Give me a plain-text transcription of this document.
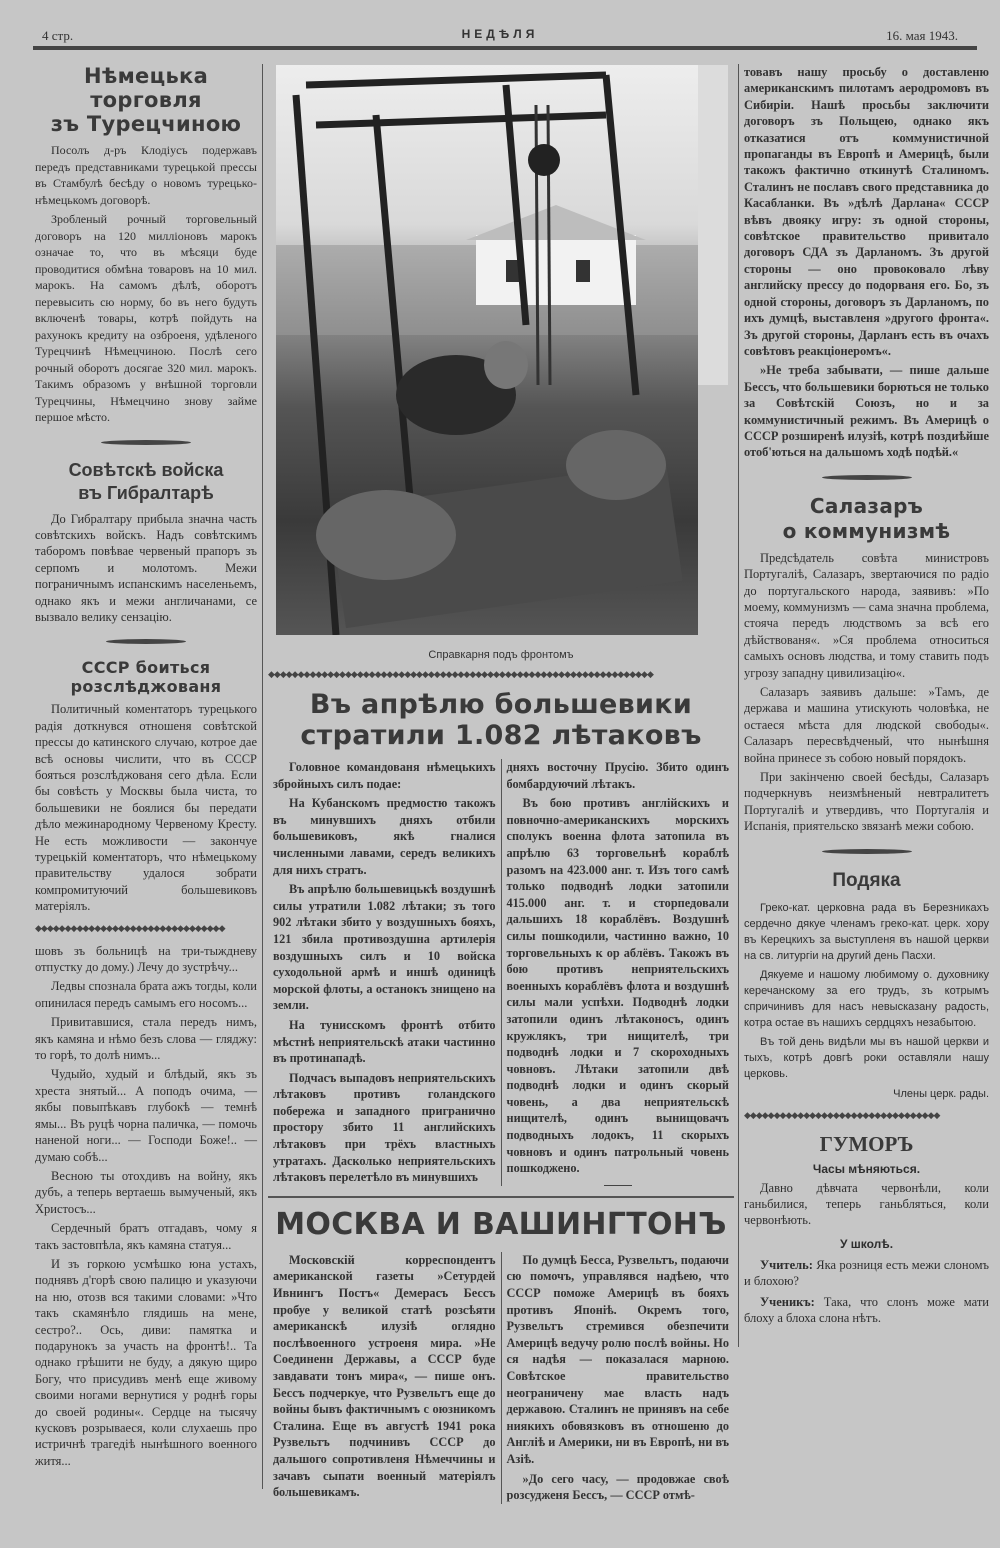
4 стр.	НЕДѢЛЯ	16. мая 1943.
Нѣмецька
торговля
зъ Турецчиною

Посолъ д-ръ Клодіусъ подержавъ передъ представниками турецькой прессы въ Стамбулѣ бесѣду о новомъ турецько-нѣмецькомъ договорѣ.

Зробленый рочный торговельный договоръ на 120 милліоновъ марокъ означае то, что въ мѣсяци буде проводитися обмѣна товаровъ на 10 мил. марокъ. На самомъ дѣлѣ, оборотъ перевысить сю норму, бо въ него будуть включенѣ товары, котрѣ пойдуть на рахунокъ кредиту на озброеня, удѣленого Турецчинѣ Нѣмецчиною. Послѣ сего рочный оборотъ досягае 320 мил. марокъ. Такимъ образомъ у внѣшной торговли Турецчины, Нѣмецчино знову займе першое мѣсто.

Совѣтскѣ войска
въ Гибралтарѣ

До Гибралтару прибыла значна часть совѣтскихъ войскъ. Надъ совѣтскимъ таборомъ повѣвае червеный прапоръ зъ серпомъ и молотомъ. Межи пограничнымъ испанскимъ населеньемъ, однако якъ и межи англичанами, се вызвало велику сензацію.

СССР боиться
розслѣджованя

Политичный коментаторъ турецького радія доткнувся отношеня совѣтской прессы до катинского случаю, котрое дае всѣ основы числити, что въ СССР бояться розслѣджованя сего дѣла. Если бы совѣсть у Москвы была чиста, то большевики не боялися бы передати дѣло межинародному Червеному Кресту. Не есть можливости — закончуе турецькій коментаторъ, что нѣмецькому правительству удалося зобрати компромитуючий большевиковъ матеріялъ.

◆◆◆◆◆◆◆◆◆◆◆◆◆◆◆◆◆◆◆◆◆◆◆◆◆◆◆◆◆◆◆◆

шовъ зъ больницѣ на три-тыждневу отпустку до дому.) Лечу до зустрѣчу...

Ледвы спознала брата ажъ тогды, коли опинилася передъ самымъ его носомъ...

Привитавшися, стала передъ нимъ, якъ камяна и нѣмо безъ слова — гляджу: то горѣ, то долѣ нимъ...

Чудыйо, худый и блѣдый, якъ зъ хреста знятый... А поподъ очима, — якбы повыпѣкавъ глубокѣ — темнѣ ямы... Въ руцѣ чорна паличка, — помочь наненой ноги... — Господи Боже!.. — думаю собѣ...

Весною ты отохдивъ на войну, якъ дубъ, а теперь вертаешь вымученый, якъ Христосъ...

Сердечный братъ отгадавъ, чому я такъ застовпѣла, якъ камяна статуя...

И зъ горкою усмѣшко юна устахъ, поднявъ д'горѣ свою палицю и указуючи на ню, отозв вся такими словами: »Что такъ скамянѣло глядишь на мене, сестро?.. Ось, диви: памятка и подарунокъ за участь на фронтѣ!.. Та однако грѣшити не буду, а дякую щиро Богу, что присудивъ менѣ еще живому своими ногами вернутися у роднѣ горы до своей родины«. Сердце на тысячу кусковъ розрываеся, коли слухаешь про истричнѣ трагедіѣ нынѣшного военного житя...

Справкарня подъ фронтомъ
◆◆◆◆◆◆◆◆◆◆◆◆◆◆◆◆◆◆◆◆◆◆◆◆◆◆◆◆◆◆◆◆◆◆◆◆◆◆◆◆◆◆◆◆◆◆◆◆◆◆◆◆◆◆◆◆◆◆◆◆◆◆◆◆◆
Въ апрѣлю большевики
стратили 1.082 лѣтаковъ

Головное командованя нѣмецькихъ збройныхъ силъ подае:

На Кубанскомъ предмостю такожъ въ минувшихъ дняхъ отбили большевиковъ, якѣ гналися численными лавами, середъ великихъ для нихъ стратъ.

Въ апрѣлю большевицькѣ воздушнѣ силы утратили 1.082 лѣтаки; зъ того 902 лѣтаки збито у воздушныхъ бояхъ, 121 збила противоздушна артилерія воздушныхъ силъ и 10 войска суходольной армѣ и иншѣ одиницѣ морской флоты, а останокъ знищено на земли.

На тунисскомъ фронтѣ отбито мѣстнѣ неприятельскѣ атаки частинно въ протинападѣ.

Подчасъ выпадовъ неприятельскихъ лѣтаковъ противъ голандского побережа и западного пригранично простору збито 11 английскихъ лѣтаковъ при трёхъ властныхъ утратахъ. Дасколько неприятельскихъ лѣтаковъ перелетѣло въ минувшихъ

дняхъ восточну Прусію. Збито одинъ бомбардуючий лѣтакъ.

Въ бою противъ англійскихъ и повночно-американскихъ морскихъ сполукъ военна флота затопила въ апрѣлю 63 торговельнѣ кораблѣ разомъ на 423.000 анг. т. Изъ того самѣ только подводнѣ лодки затопили 415.000 анг. т. и сторпедовали дальшихъ 18 кораблёвъ. Воздушнѣ силы пошкодили, частинно важно, 10 торговельныхъ к ор аблёвъ. Такожъ въ бою противъ неприятельскихъ военныхъ кораблёвъ флота и воздушнѣ силы мали успѣхи. Подводнѣ лодки затопили одинъ лѣтаконосъ, одинъ кружлякъ, три нищителѣ, три подводнѣ лодки и 7 скороходныхъ човновъ. Лѣтаки затопили двѣ подводнѣ лодки и одинъ скорый човень, а два неприятельскѣ нищителѣ, одинъ вынищовачъ подводныхъ лодокъ, 11 скорыхъ човновъ и одинъ патрольный човень пошкоджено.

МОСКВА И ВАШИНГТОНЪ

Московскій корреспондентъ американской газеты »Сетурдей Ивнингъ Постъ« Демерасъ Бессъ пробуе у великой статѣ розсѣяти американскѣ илузіѣ оглядно послѣвоенного устроеня мира. »Не Соединенн Державы, а СССР буде завдавати тонъ мира«, — пише онъ. Бессъ подчеркуе, что Рузвельтъ еще до войны бывъ фактичнымъ с оюзникомъ Сталина. Еще въ августѣ 1941 рока Рузвельтъ подчинивъ СССР до дальшого сопротивленя Нѣмеччины и зачавъ сыпати военный матеріялъ большевикамъ.

По думцѣ Бесса, Рузвельтъ, подаючи сю помочъ, управлявся надѣею, что СССР поможе Америцѣ въ бояхъ противъ Японіѣ. Окремъ того, Рузвельтъ стремився обезпечити Америцѣ ведучу ролю послѣ войны. Но ся надѣя — показалася марною. Совѣтское правительство неограничену мае власть надъ державою. Сталинъ не принявъ на себе ниякихъ обовязковъ въ отношеню до Англіѣ и Америки, ни въ Европѣ, ни въ Азіѣ.

»До сего часу, — продовжае своѣ розсудженя Бессъ, — СССР отмѣ-

товавъ нашу просьбу о доставленю американскимъ пилотамъ аеродромовъ въ Сибиріи. Нашѣ просьбы заключити договоръ зъ Польщею, однако якъ отказатися отъ коммунистичной пропаганды въ Европѣ и Америцѣ, были такожъ фактично откинутѣ Сталиномъ. Сталинъ не пославъ свого представника до Касабланки. Въ »дѣлѣ Дарлана« СССР вѣвъ двояку игру: зъ одной стороны, совѣтское правительство привитало договоръ СДА зъ Дарланомъ. Зъ другой стороны — оно провоковало лѣву английску прессу до подорваня его. Бо, зъ одной стороны, договоръ зъ Дарланомъ, по ихъ думцѣ, выставленя »другого фронта«. Зъ другой стороны, Дарланъ есть въ очахъ совѣтовъ реакціонеромъ«.

»Не треба забывати, — пише дальше Бессъ, что большевики борються не только за Совѣтскій Союзъ, но и за коммунистичный режимъ. Въ Америцѣ о СССР розширенѣ илузіѣ, котрѣ поздиѣйше отоб'ються на дальшомъ ходѣ подѣй.«

Салазаръ
о коммунизмѣ

Предсѣдатель совѣта министровъ Португаліѣ, Салазаръ, звертаючися по радіо до португальского народа, заявивъ: »По моему, коммунизмъ — сама значна проблема, стояча передъ людствомъ за всѣ его дѣйствованя«. »Ся проблема относиться самыхъ основъ людства, и тому ставить подъ угрозу западну цивилизацію«.

Салазаръ заявивъ дальше: »Тамъ, де держава и машина утискують чоловѣка, не остаеся мѣста для людской свободы«. Салазаръ пересвѣдченый, что нынѣшня война принесе зъ собою новый порядокъ.

При закінченю своей бесѣды, Салазаръ подчеркнувъ неизмѣненый невтралитетъ Португаліѣ и утвердивъ, что Португалія и Испанія, приятельско звязанѣ межи собою.

Подяка

Греко-кат. церковна рада въ Березникахъ сердечно дякуе членамъ греко-кат. церк. хору въ Керецкихъ за выступленя въ нашой церкви на св. литургіи на другий день Пасхи.

Дякуеме и нашому любимому о. духовнику керечанскому за его трудъ, зъ котрымъ спричинивъ для насъ невысказану радость, котра остае въ нашихъ сердцяхъ незабытою.

Въ той день видѣли мы въ нашой церкви и тыхъ, котрѣ довгѣ роки оставляли нашу церковь.

Члены церк. рады.

◆◆◆◆◆◆◆◆◆◆◆◆◆◆◆◆◆◆◆◆◆◆◆◆◆◆◆◆◆◆◆◆◆
ГУМОРЪ
Часы мѣняються.

Давно дѣвчата червонѣли, коли ганьбилися, теперь ганьбляться, коли червонѣють.

У школѣ.

Учитель: Яка розниця есть межи слономъ и блохою?

Ученикъ: Така, что слонъ може мати блоху а блоха слона нѣтъ.
